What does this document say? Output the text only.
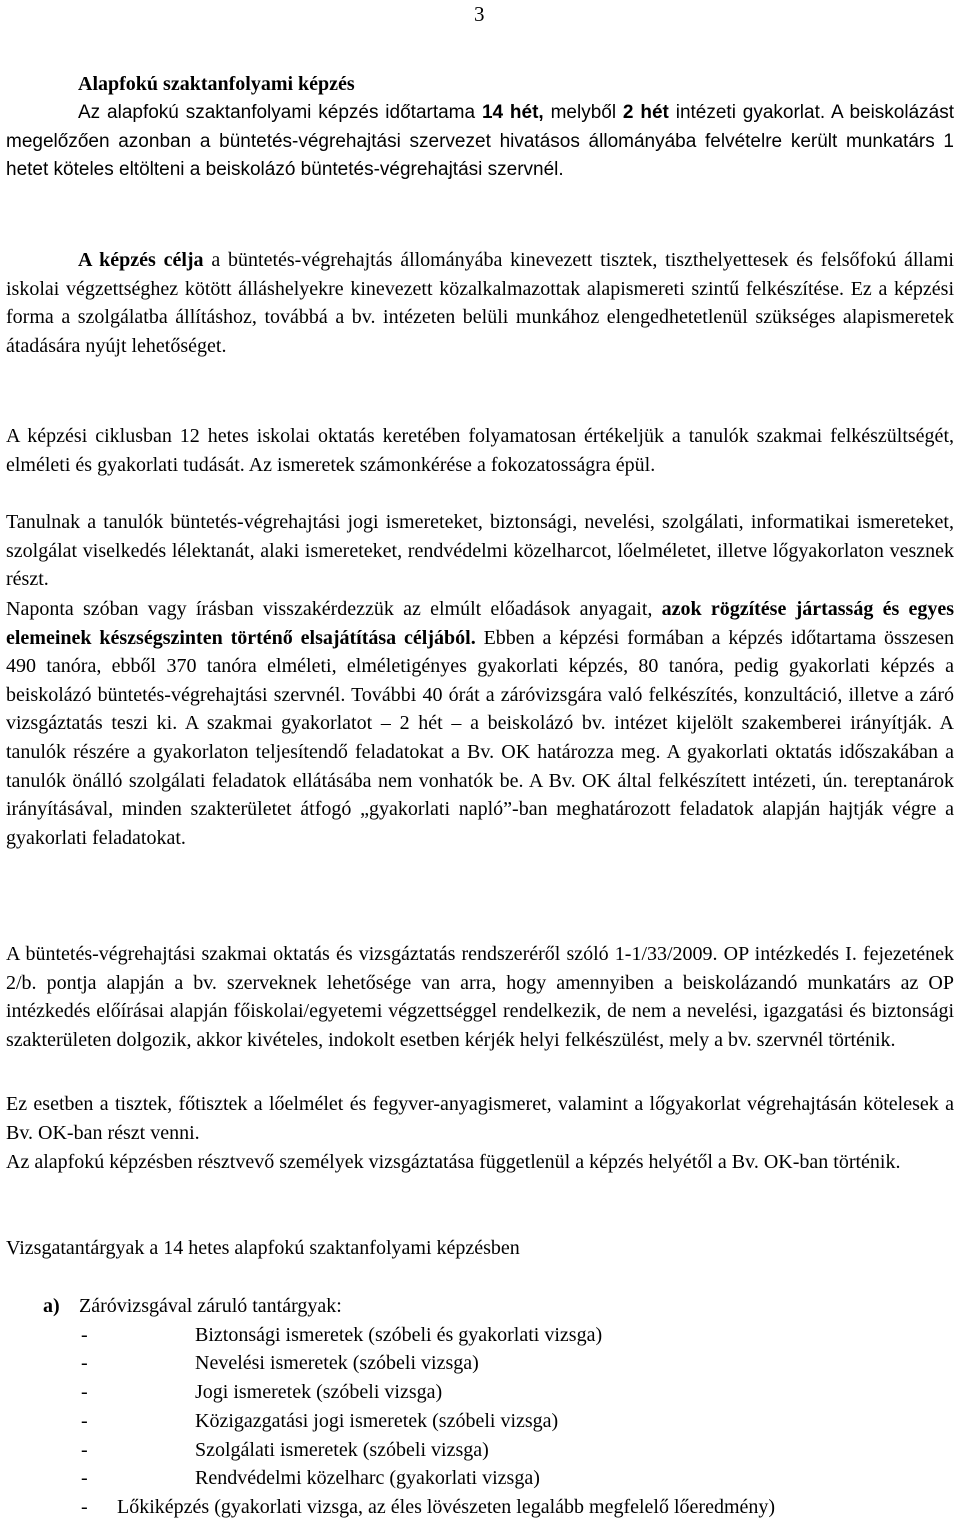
3
Alapfokú szaktanfolyami képzés
Az alapfokú szaktanfolyami képzés időtartama 14 hét, melyből 2 hét intézeti gyakorlat. A beiskolázást megelőzően azonban a büntetés-végrehajtási szervezet hivatásos állományába felvételre került munkatárs 1 hetet köteles eltölteni a beiskolázó büntetés-végrehajtási szervnél.
A képzés célja a büntetés-végrehajtás állományába kinevezett tisztek, tiszthelyettesek és felsőfokú állami iskolai végzettséghez kötött álláshelyekre kinevezett közalkalmazottak alapismereti szintű felkészítése. Ez a képzési forma a szolgálatba állításhoz, továbbá a bv. intézeten belüli munkához elengedhetetlenül szükséges alapismeretek átadására nyújt lehetőséget.
A képzési ciklusban 12 hetes iskolai oktatás keretében folyamatosan értékeljük a tanulók szakmai felkészültségét, elméleti és gyakorlati tudását. Az ismeretek számonkérése a fokozatosságra épül.
Tanulnak a tanulók büntetés-végrehajtási jogi ismereteket, biztonsági, nevelési, szolgálati, informatikai ismereteket, szolgálat viselkedés lélektanát, alaki ismereteket, rendvédelmi közelharcot, lőelméletet, illetve lőgyakorlaton vesznek részt.
Naponta szóban vagy írásban visszakérdezzük az elmúlt előadások anyagait, azok rögzítése jártasság és egyes elemeinek készségszinten történő elsajátítása céljából. Ebben a képzési formában a képzés időtartama összesen 490 tanóra, ebből 370 tanóra elméleti, elméletigényes gyakorlati képzés, 80 tanóra, pedig gyakorlati képzés a beiskolázó büntetés-végrehajtási szervnél. További 40 órát a záróvizsgára való felkészítés, konzultáció, illetve a záró vizsgáztatás teszi ki. A szakmai gyakorlatot – 2 hét – a beiskolázó bv. intézet kijelölt szakemberei irányítják. A tanulók részére a gyakorlaton teljesítendő feladatokat a Bv. OK határozza meg. A gyakorlati oktatás időszakában a tanulók önálló szolgálati feladatok ellátásába nem vonhatók be. A Bv. OK által felkészített intézeti, ún. tereptanárok irányításával, minden szakterületet átfogó „gyakorlati napló”-ban meghatározott feladatok alapján hajtják végre a gyakorlati feladatokat.
A büntetés-végrehajtási szakmai oktatás és vizsgáztatás rendszeréről szóló 1-1/33/2009. OP intézkedés I. fejezetének 2/b. pontja alapján a bv. szerveknek lehetősége van arra, hogy amennyiben a beiskolázandó munkatárs az OP intézkedés előírásai alapján főiskolai/egyetemi végzettséggel rendelkezik, de nem a nevelési, igazgatási és biztonsági szakterületen dolgozik, akkor kivételes, indokolt esetben kérjék helyi felkészülést, mely a bv. szervnél történik.
Ez esetben a tisztek, főtisztek a lőelmélet és fegyver-anyagismeret, valamint a lőgyakorlat végrehajtásán kötelesek a Bv. OK-ban részt venni.
Az alapfokú képzésben résztvevő személyek vizsgáztatása függetlenül a képzés helyétől a Bv. OK-ban történik.
Vizsgatantárgyak a 14 hetes alapfokú szaktanfolyami képzésben
a) Záróvizsgával záruló tantárgyak:
-	Biztonsági ismeretek (szóbeli és gyakorlati vizsga)
-	Nevelési ismeretek (szóbeli vizsga)
-	Jogi ismeretek (szóbeli vizsga)
-	Közigazgatási jogi ismeretek (szóbeli vizsga)
-	Szolgálati ismeretek (szóbeli vizsga)
-	Rendvédelmi közelharc (gyakorlati vizsga)
- Lőkiképzés (gyakorlati vizsga, az éles lövészeten legalább megfelelő lőeredmény)
